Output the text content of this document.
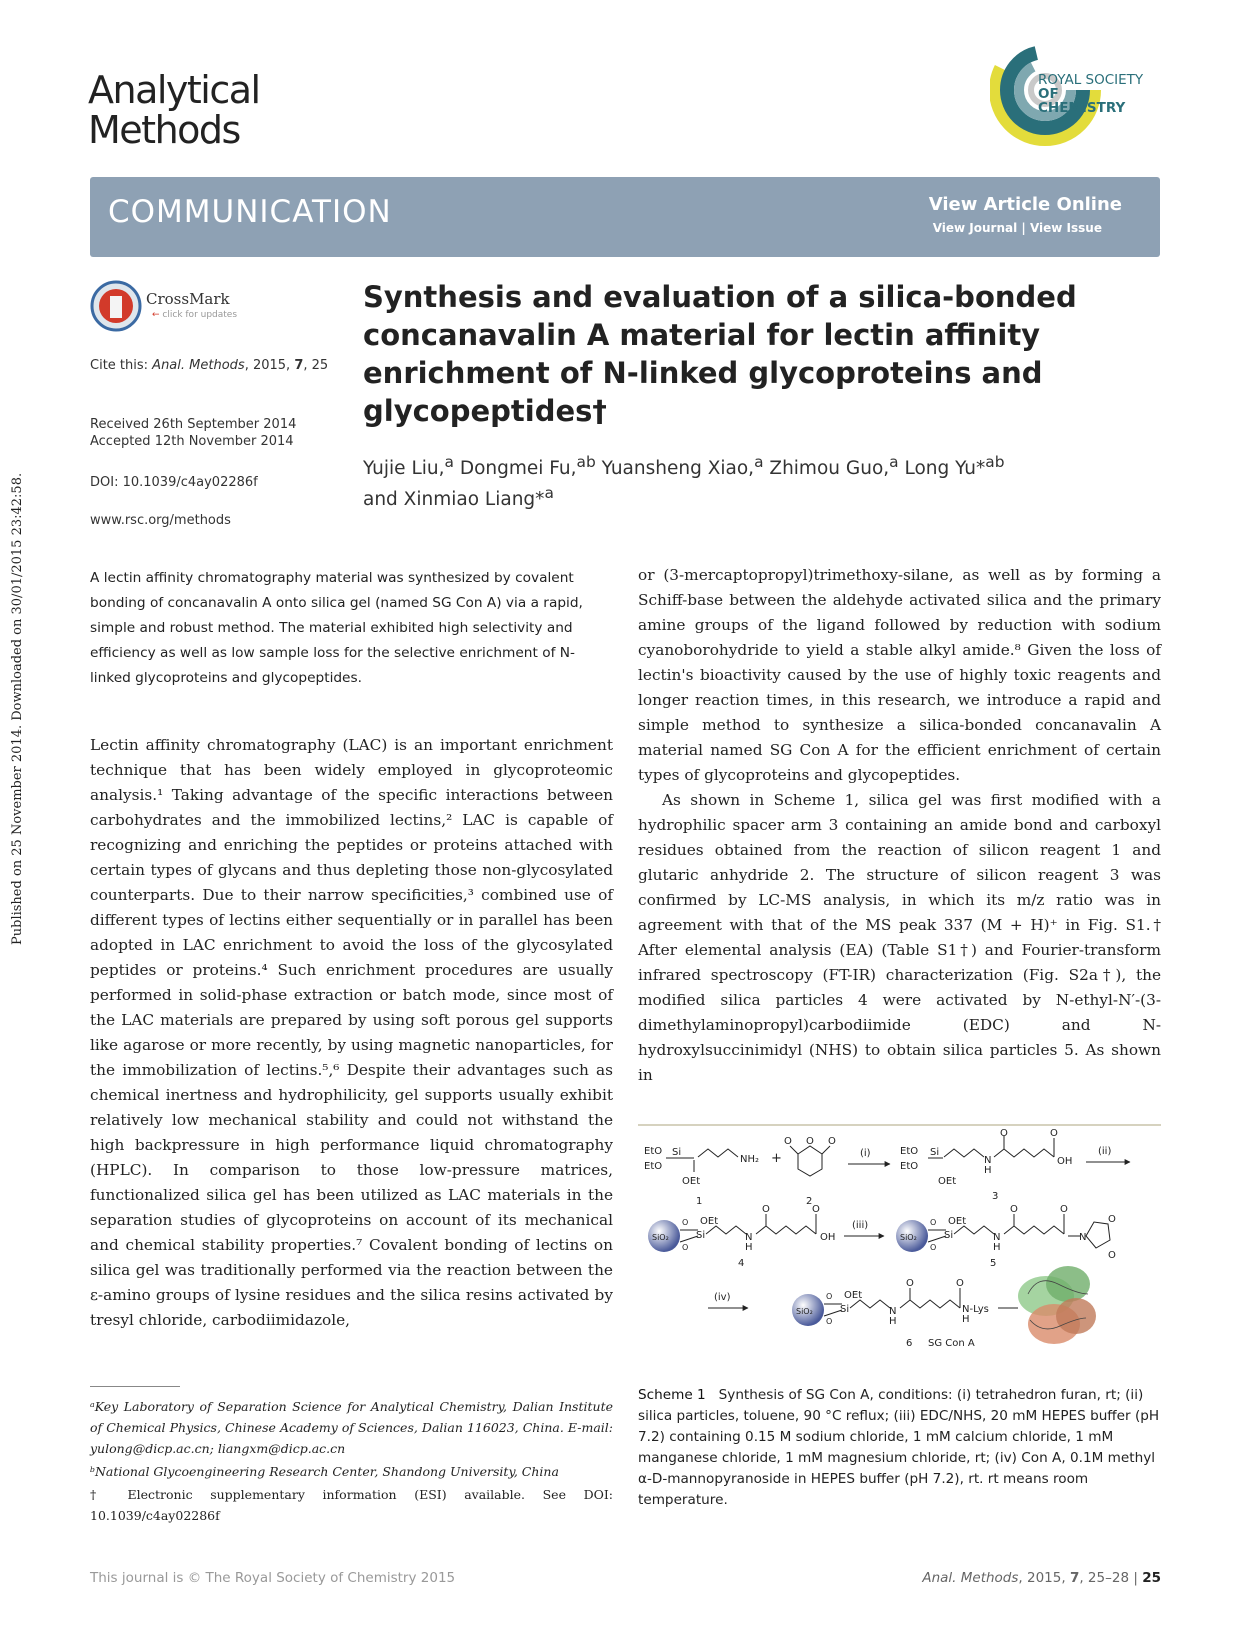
Published on 25 November 2014. Downloaded on 30/01/2015 23:42:58.
Analytical
Methods
ROYAL SOCIETY
OF CHEMISTRY
COMMUNICATION	View Article Online
View Journal | View Issue
CrossMark
← click for updates
Cite this: Anal. Methods, 2015, 7, 25
Received 26th September 2014
Accepted 12th November 2014
DOI: 10.1039/c4ay02286f
www.rsc.org/methods
Synthesis and evaluation of a silica-bonded concanavalin A material for lectin affinity enrichment of N-linked glycoproteins and glycopeptides†
Yujie Liu,$^a$ Dongmei Fu,$^{ab}$ Yuansheng Xiao,$^a$ Zhimou Guo,$^a$ Long Yu*$^{ab}$
and Xinmiao Liang*$^a$
A lectin affinity chromatography material was synthesized by covalent bonding of concanavalin A onto silica gel (named SG Con A) via a rapid, simple and robust method. The material exhibited high selectivity and efficiency as well as low sample loss for the selective enrichment of N-linked glycoproteins and glycopeptides.
Lectin affinity chromatography (LAC) is an important enrichment technique that has been widely employed in glycoproteomic analysis.¹ Taking advantage of the specific interactions between carbohydrates and the immobilized lectins,² LAC is capable of recognizing and enriching the peptides or proteins attached with certain types of glycans and thus depleting those non-glycosylated counterparts. Due to their narrow specificities,³ combined use of different types of lectins either sequentially or in parallel has been adopted in LAC enrichment to avoid the loss of the glycosylated peptides or proteins.⁴ Such enrichment procedures are usually performed in solid-phase extraction or batch mode, since most of the LAC materials are prepared by using soft porous gel supports like agarose or more recently, by using magnetic nanoparticles, for the immobilization of lectins.⁵,⁶ Despite their advantages such as chemical inertness and hydrophilicity, gel supports usually exhibit relatively low mechanical stability and could not withstand the high backpressure in high performance liquid chromatography (HPLC). In comparison to those low-pressure matrices, functionalized silica gel has been utilized as LAC materials in the separation studies of glycoproteins on account of its mechanical and chemical stability properties.⁷ Covalent bonding of lectins on silica gel was traditionally performed via the reaction between the ε-amino groups of lysine residues and the silica resins activated by tresyl chloride, carbodiimidazole,

or (3-mercaptopropyl)trimethoxy-silane, as well as by forming a Schiff-base between the aldehyde activated silica and the primary amine groups of the ligand followed by reduction with sodium cyanoborohydride to yield a stable alkyl amide.⁸ Given the loss of lectin's bioactivity caused by the use of highly toxic reagents and longer reaction times, in this research, we introduce a rapid and simple method to synthesize a silica-bonded concanavalin A material named SG Con A for the efficient enrichment of certain types of glycoproteins and glycopeptides.

As shown in Scheme 1, silica gel was first modified with a hydrophilic spacer arm 3 containing an amide bond and carboxyl residues obtained from the reaction of silicon reagent 1 and glutaric anhydride 2. The structure of silicon reagent 3 was confirmed by LC-MS analysis, in which its m/z ratio was in agreement with that of the MS peak 337 (M + H)⁺ in Fig. S1.† After elemental analysis (EA) (Table S1†) and Fourier-transform infrared spectroscopy (FT-IR) characterization (Fig. S2a†), the modified silica particles 4 were activated by N-ethyl-N′-(3-dimethylaminopropyl)carbodiimide (EDC) and N-hydroxylsuccinimidyl (NHS) to obtain silica particles 5. As shown in

EtO Si
EtO
OEt
NH₂
1
+
O O O
2
(i)	EtO Si
EtO
OEt
N
H
O	O
OH
3
(ii)
SiO₂
O
O
Si
OEt
N
H
O	O
OH
4
(iii)
SiO₂
O
O
Si
OEt
N
H
O	O
N
O
O
5
(iv)
SiO₂
O
O
Si
OEt
N
H
O	O
N-Lys
H
6 SG Con A
Scheme 1 Synthesis of SG Con A, conditions: (i) tetrahedron furan, rt; (ii) silica particles, toluene, 90 °C reflux; (iii) EDC/NHS, 20 mM HEPES buffer (pH 7.2) containing 0.15 M sodium chloride, 1 mM calcium chloride, 1 mM manganese chloride, 1 mM magnesium chloride, rt; (iv) Con A, 0.1M methyl α-D-mannopyranoside in HEPES buffer (pH 7.2), rt. rt means room temperature.
ᵃKey Laboratory of Separation Science for Analytical Chemistry, Dalian Institute of Chemical Physics, Chinese Academy of Sciences, Dalian 116023, China. E-mail: yulong@dicp.ac.cn; liangxm@dicp.ac.cn
ᵇNational Glycoengineering Research Center, Shandong University, China
† Electronic supplementary information (ESI) available. See DOI: 10.1039/c4ay02286f
This journal is © The Royal Society of Chemistry 2015	Anal. Methods, 2015, 7, 25–28 | 25
